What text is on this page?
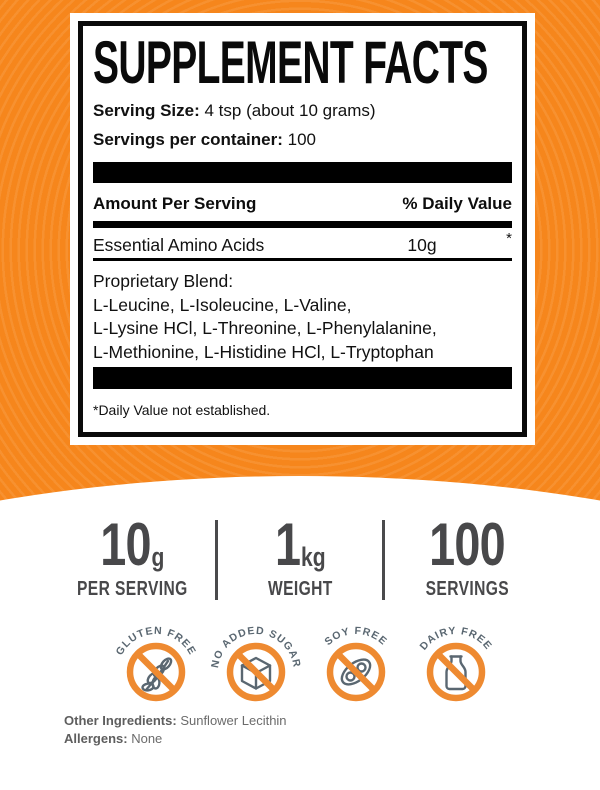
SUPPLEMENT FACTS
Serving Size: 4 tsp (about 10 grams)
Servings per container: 100
Amount Per Serving	% Daily Value
Essential Amino Acids	10g	*
Proprietary Blend:
L-Leucine, L-Isoleucine, L-Valine,
L-Lysine HCl, L-Threonine, L-Phenylalanine,
L-Methionine, L-Histidine HCl, L-Tryptophan
*Daily Value not established.
10 g
PER SERVING
1 kg
WEIGHT
100
SERVINGS
GLUTEN FREE
NO ADDED SUGAR
SOY FREE	DAIRY FREE
Other Ingredients: Sunflower Lecithin
Allergens: None
